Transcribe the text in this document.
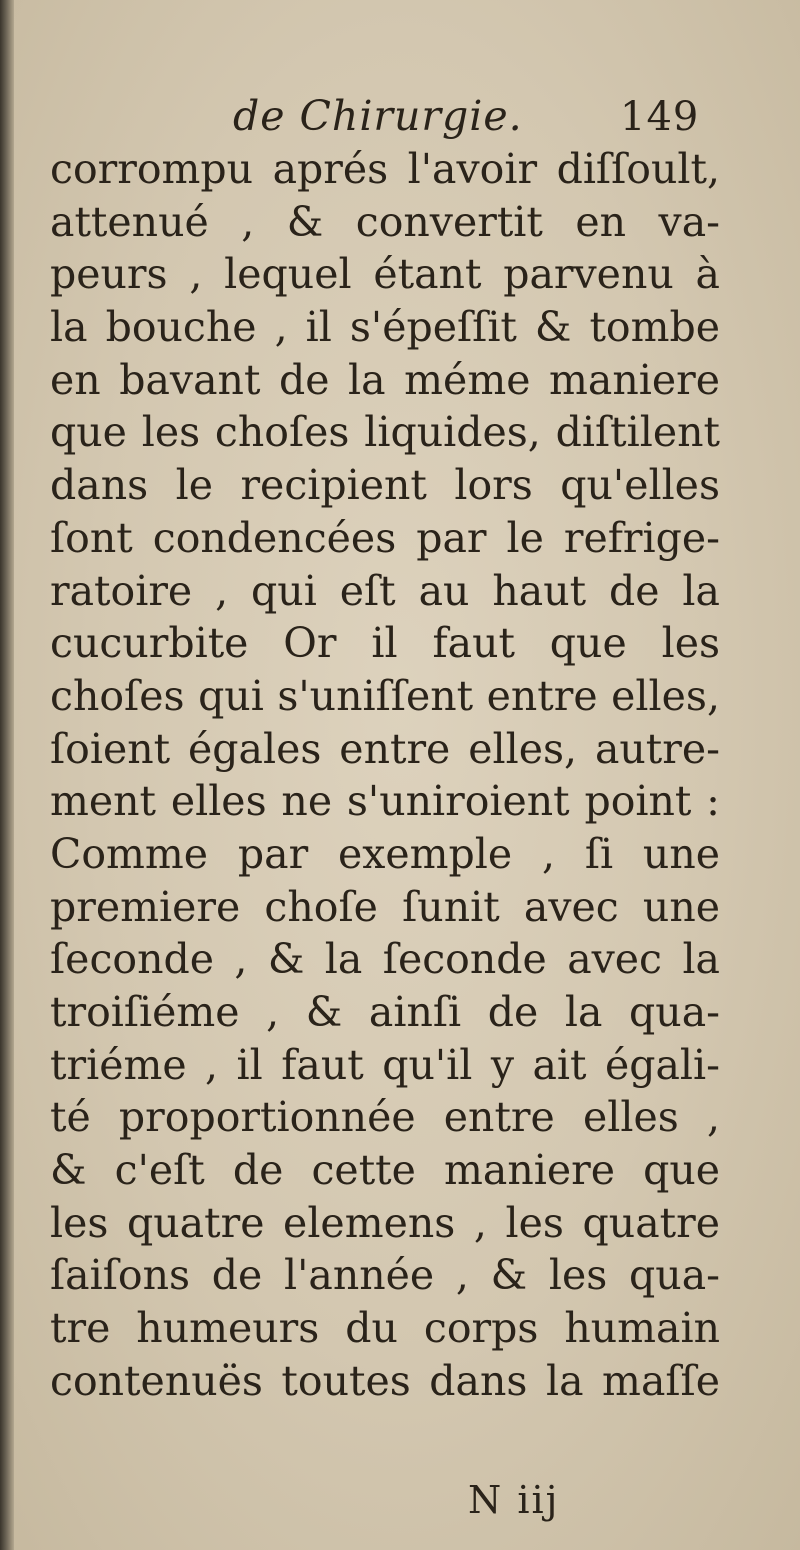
de Chirurgie. 149
corrompu aprés l'avoir diſſoult,
attenué , & convertit en va-
peurs , lequel étant parvenu à
la bouche , il s'épeſſit & tombe
en bavant de la méme maniere
que les choſes liquides, diſtilent
dans le recipient lors qu'elles
ſont condencées par le refrige-
ratoire , qui eſt au haut de la
cucurbite Or il faut que les
choſes qui s'uniſſent entre elles,
ſoient égales entre elles, autre-
ment elles ne s'uniroient point :
Comme par exemple , ſi une
premiere choſe ſunit avec une
ſeconde , & la ſeconde avec la
troiſiéme , & ainſi de la qua-
triéme , il faut qu'il y ait égali-
té proportionnée entre elles ,
& c'eſt de cette maniere que
les quatre elemens , les quatre
ſaiſons de l'année , & les qua-
tre humeurs du corps humain
contenuës toutes dans la maſſe
N iij
